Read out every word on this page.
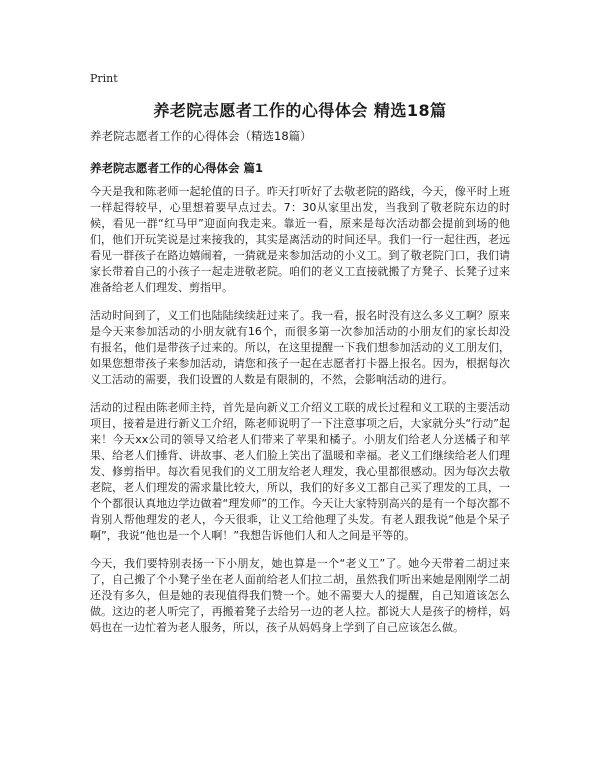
Print
养老院志愿者工作的心得体会 精选18篇

养老院志愿者工作的心得体会（精选18篇）

养老院志愿者工作的心得体会 篇1

今天是我和陈老师一起轮值的日子。昨天打听好了去敬老院的路线，今天，像平时上班一样起得较早，心里想着要早点过去。7：30从家里出发，当我到了敬老院东边的时候，看见一群“红马甲”迎面向我走来。靠近一看，原来是每次活动都会提前到场的他们，他们开玩笑说是过来接我的，其实是离活动的时间还早。我们一行一起往西，老远看见一群孩子在路边嬉闹着，一猜就是来参加活动的小义工。到了敬老院门口，我们请家长带着自己的小孩子一起走进敬老院。咱们的老义工直接就搬了方凳子、长凳子过来准备给老人们理发、剪指甲。

活动时间到了，义工们也陆陆续续赶过来了。我一看，报名时没有这么多义工啊？原来是今天来参加活动的小朋友就有16个，而很多第一次参加活动的小朋友们的家长却没有报名，他们是带孩子过来的。所以，在这里提醒一下我们想参加活动的义工朋友们，如果您想带孩子来参加活动，请您和孩子一起在志愿者打卡器上报名。因为，根据每次义工活动的需要，我们设置的人数是有限制的，不然，会影响活动的进行。

活动的过程由陈老师主持，首先是向新义工介绍义工联的成长过程和义工联的主要活动项目，接着是进行新义工介绍，陈老师说明了一下注意事项之后，大家就分头“行动”起来！今天xx公司的领导又给老人们带来了苹果和橘子。小朋友们给老人分送橘子和苹果、给老人们捶背、讲故事、老人们脸上笑出了温暖和幸福。老义工们继续给老人们理发、修剪指甲。每次看见我们的义工朋友给老人理发，我心里都很感动。因为每次去敬老院，老人们理发的需求量比较大，所以，我们的好多义工都自己买了理发的工具，一个个都很认真地边学边做着“理发师”的工作。今天让大家特别高兴的是有一个每次都不肯别人帮他理发的老人，今天很乖，让义工给他理了头发。有老人跟我说“他是个呆子啊”，我说“他也是一个人啊！”我想告诉他们人和人之间是平等的。

今天，我们要特别表扬一下小朋友，她也算是一个“老义工”了。她今天带着二胡过来了，自己搬了个小凳子坐在老人面前给老人们拉二胡，虽然我们听出来她是刚刚学二胡还没有多久，但是她的表现值得我们赞一个。她不需要大人的提醒，自己知道该怎么做。这边的老人听完了，再搬着凳子去给另一边的老人拉。都说大人是孩子的榜样，妈妈也在一边忙着为老人服务，所以，孩子从妈妈身上学到了自己应该怎么做。
